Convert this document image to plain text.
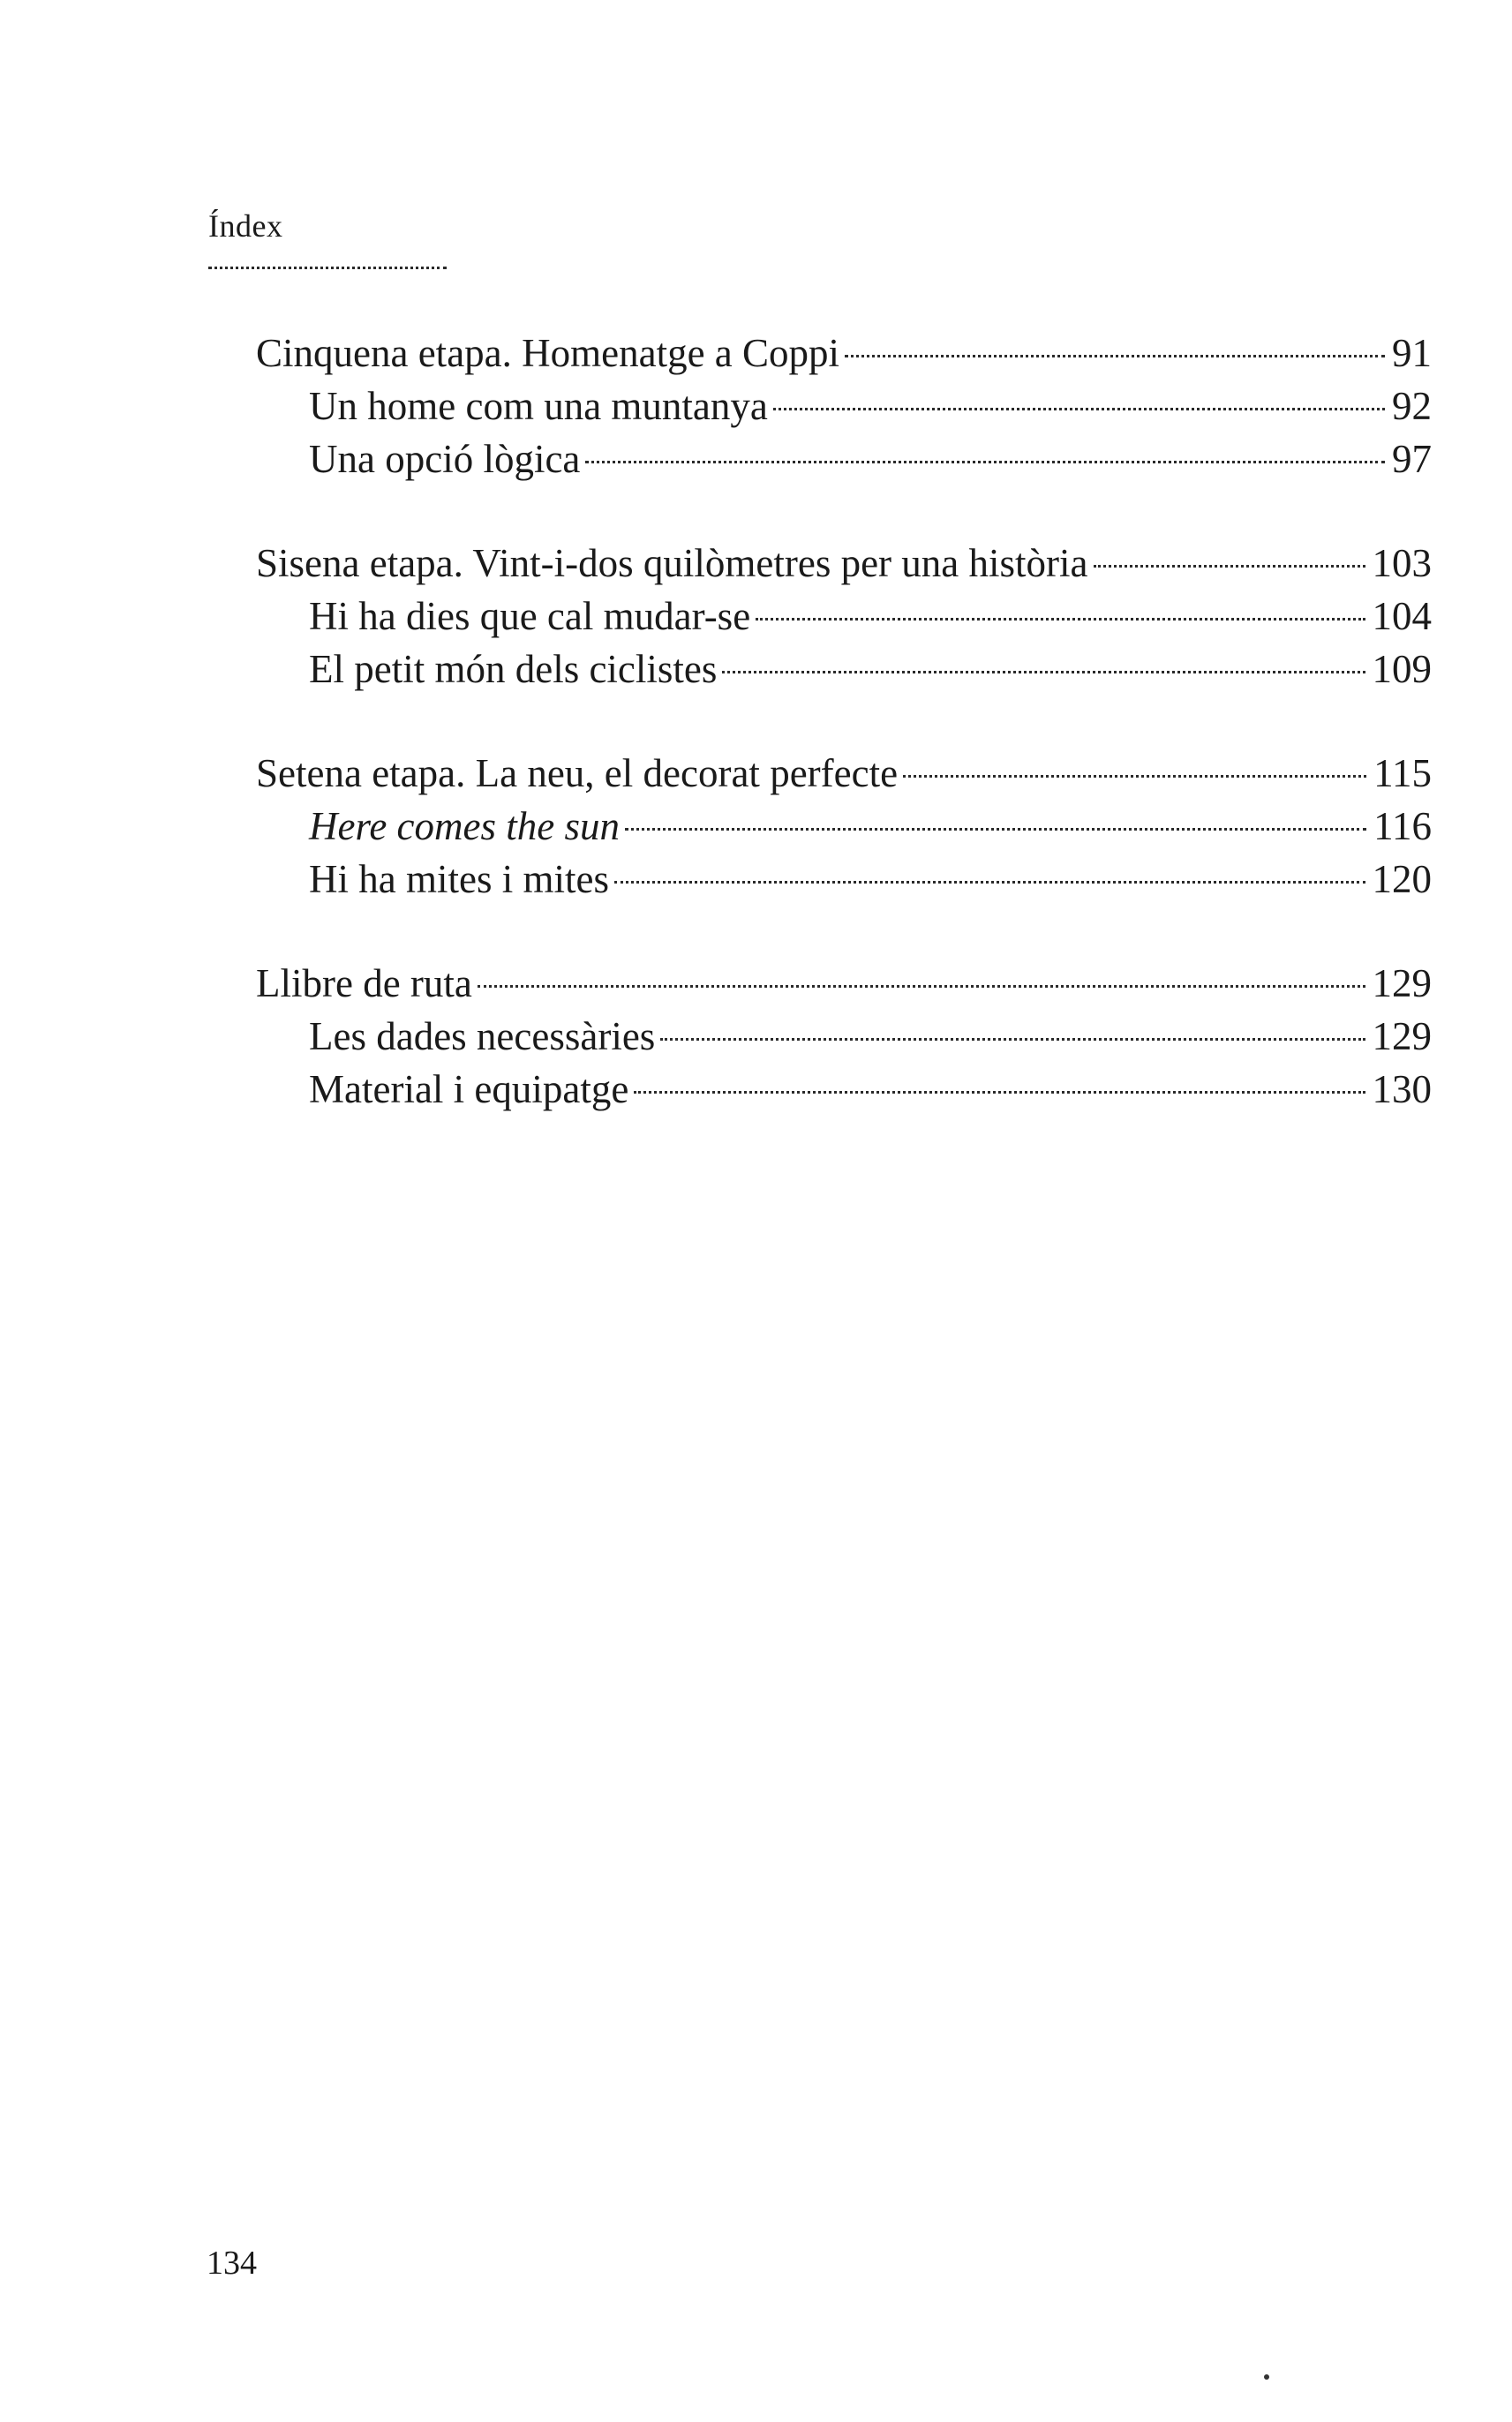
Índex
Cinquena etapa. Homenatge a Coppi	91
Un home com una muntanya	92
Una opció lògica	97
Sisena etapa. Vint-i-dos quilòmetres per una història	103
Hi ha dies que cal mudar-se	104
El petit món dels ciclistes	109
Setena etapa. La neu, el decorat perfecte	115
Here comes the sun	116
Hi ha mites i mites	120
Llibre de ruta	129
Les dades necessàries	129
Material i equipatge	130
134
